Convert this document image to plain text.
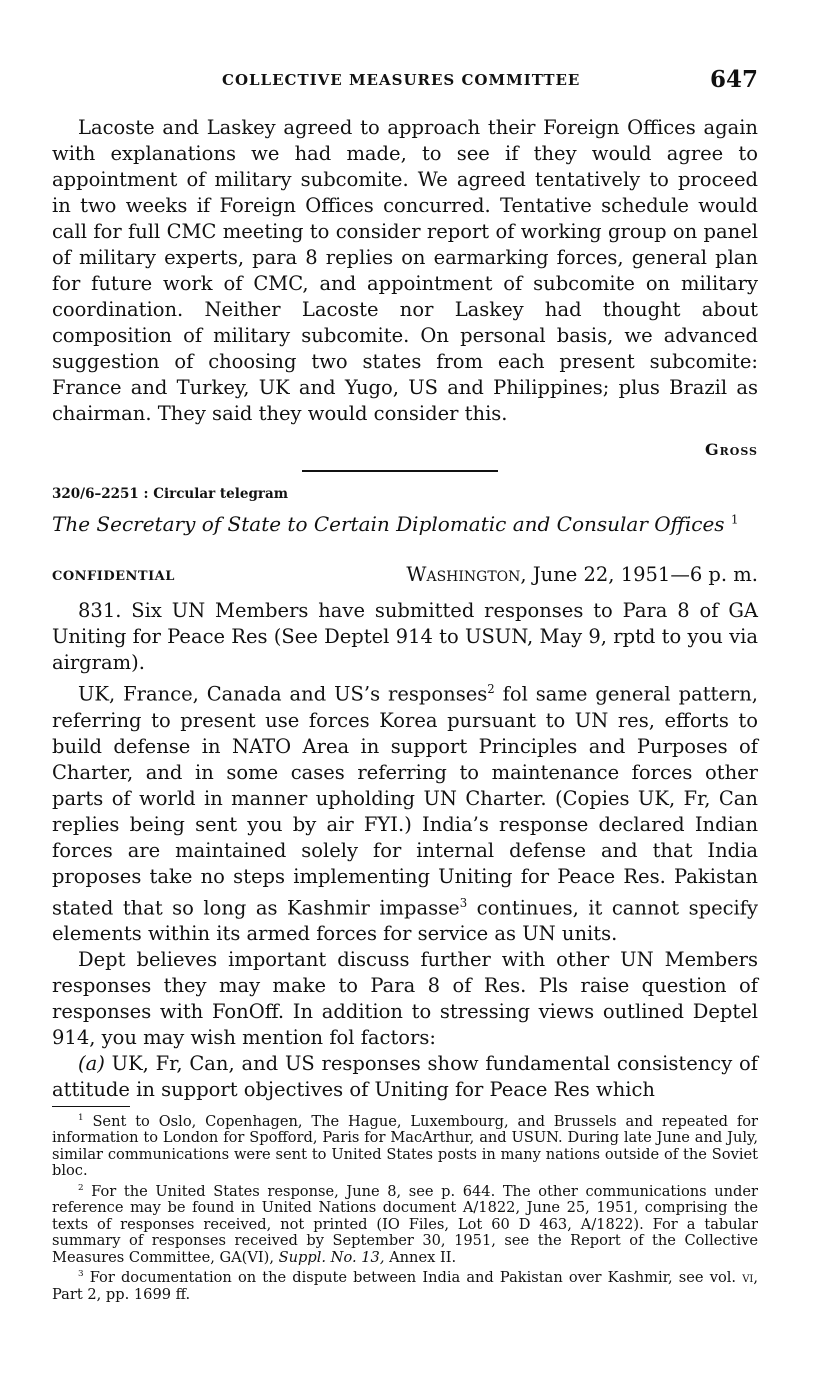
COLLECTIVE MEASURES COMMITTEE	647

Lacoste and Laskey agreed to approach their Foreign Offices again with explanations we had made, to see if they would agree to appointment of military subcomite. We agreed tentatively to proceed in two weeks if Foreign Offices concurred. Tentative schedule would call for full CMC meeting to consider report of working group on panel of military experts, para 8 replies on earmarking forces, general plan for future work of CMC, and appointment of subcomite on military coordination. Neither Lacoste nor Laskey had thought about composition of military subcomite. On personal basis, we advanced suggestion of choosing two states from each present subcomite: France and Turkey, UK and Yugo, US and Philippines; plus Brazil as chairman. They said they would consider this.

Gross
320/6–2251 : Circular telegram
The Secretary of State to Certain Diplomatic and Consular Offices $^1$
CONFIDENTIAL	Washington, June 22, 1951—6 p. m.

831. Six UN Members have submitted responses to Para 8 of GA Uniting for Peace Res (See Deptel 914 to USUN, May 9, rptd to you via airgram).

UK, France, Canada and US’s responses$^2$ fol same general pattern, referring to present use forces Korea pursuant to UN res, efforts to build defense in NATO Area in support Principles and Purposes of Charter, and in some cases referring to maintenance forces other parts of world in manner upholding UN Charter. (Copies UK, Fr, Can replies being sent you by air FYI.) India’s response declared Indian forces are maintained solely for internal defense and that India proposes take no steps implementing Uniting for Peace Res. Pakistan stated that so long as Kashmir impasse$^3$ continues, it cannot specify elements within its armed forces for service as UN units.

Dept believes important discuss further with other UN Members responses they may make to Para 8 of Res. Pls raise question of responses with FonOff. In addition to stressing views outlined Deptel 914, you may wish mention fol factors:

(a) UK, Fr, Can, and US responses show fundamental consistency of attitude in support objectives of Uniting for Peace Res which

$^1$ Sent to Oslo, Copenhagen, The Hague, Luxembourg, and Brussels and repeated for information to London for Spofford, Paris for MacArthur, and USUN. During late June and July, similar communications were sent to United States posts in many nations outside of the Soviet bloc.

$^2$ For the United States response, June 8, see p. 644. The other communications under reference may be found in United Nations document A/1822, June 25, 1951, comprising the texts of responses received, not printed (IO Files, Lot 60 D 463, A/1822). For a tabular summary of responses received by September 30, 1951, see the Report of the Collective Measures Committee, GA(VI), Suppl. No. 13, Annex II.

$^3$ For documentation on the dispute between India and Pakistan over Kashmir, see vol. vi, Part 2, pp. 1699 ff.
